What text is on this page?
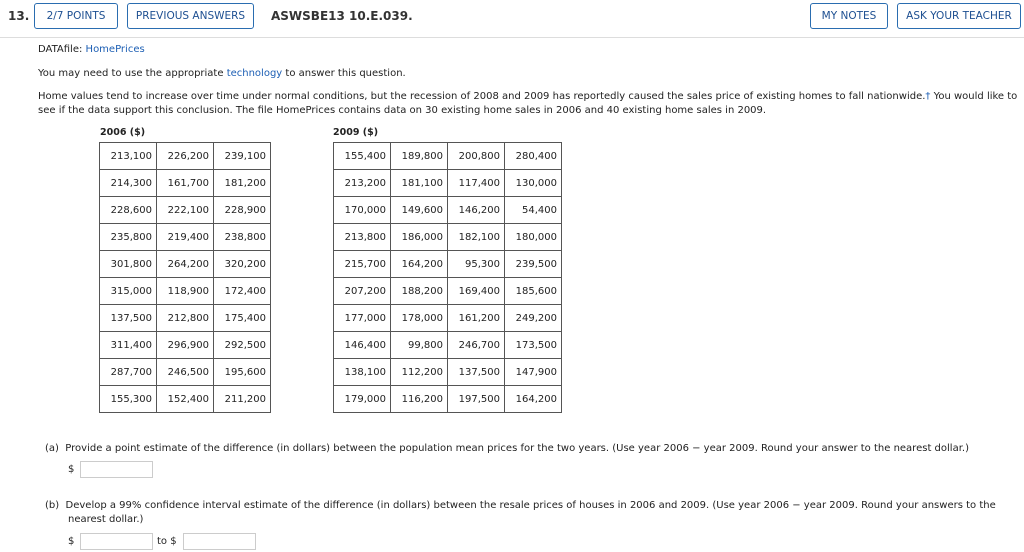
13.	2/7 POINTS	PREVIOUS ANSWERS	ASWSBE13 10.E.039.	MY NOTES	ASK YOUR TEACHER
DATAfile: HomePrices
You may need to use the appropriate technology to answer this question.
Home values tend to increase over time under normal conditions, but the recession of 2008 and 2009 has reportedly caused the sales price of existing homes to fall nationwide.† You would like to
see if the data support this conclusion. The file HomePrices contains data on 30 existing home sales in 2006 and 40 existing home sales in 2009.
2006 ($)
213,100	226,200	239,100
214,300	161,700	181,200
228,600	222,100	228,900
235,800	219,400	238,800
301,800	264,200	320,200
315,000	118,900	172,400
137,500	212,800	175,400
311,400	296,900	292,500
287,700	246,500	195,600
155,300	152,400	211,200
2009 ($)
155,400	189,800	200,800	280,400
213,200	181,100	117,400	130,000
170,000	149,600	146,200	54,400
213,800	186,000	182,100	180,000
215,700	164,200	95,300	239,500
207,200	188,200	169,400	185,600
177,000	178,000	161,200	249,200
146,400	99,800	246,700	173,500
138,100	112,200	137,500	147,900
179,000	116,200	197,500	164,200
(a) Provide a point estimate of the difference (in dollars) between the population mean prices for the two years. (Use year 2006 − year 2009. Round your answer to the nearest dollar.)
$
(b) Develop a 99% confidence interval estimate of the difference (in dollars) between the resale prices of houses in 2006 and 2009. (Use year 2006 − year 2009. Round your answers to the
nearest dollar.)
$	to $
